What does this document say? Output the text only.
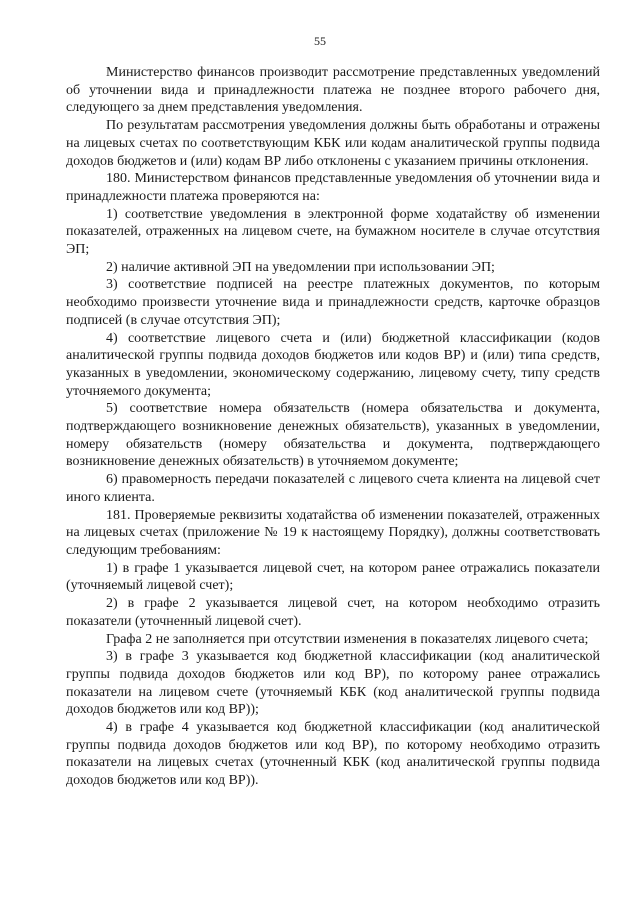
55

Министерство финансов производит рассмотрение представленных уведомлений об уточнении вида и принадлежности платежа не позднее второго рабочего дня, следующего за днем представления уведомления.

По результатам рассмотрения уведомления должны быть обработаны и отражены на лицевых счетах по соответствующим КБК или кодам аналитической группы подвида доходов бюджетов и (или) кодам ВР либо отклонены с указанием причины отклонения.

180. Министерством финансов представленные уведомления об уточнении вида и принадлежности платежа проверяются на:

1) соответствие уведомления в электронной форме ходатайству об изменении показателей, отраженных на лицевом счете, на бумажном носителе в случае отсутствия ЭП;

2) наличие активной ЭП на уведомлении при использовании ЭП;

3) соответствие подписей на реестре платежных документов, по которым необходимо произвести уточнение вида и принадлежности средств, карточке образцов подписей (в случае отсутствия ЭП);

4) соответствие лицевого счета и (или) бюджетной классификации (кодов аналитической группы подвида доходов бюджетов или кодов ВР) и (или) типа средств, указанных в уведомлении, экономическому содержанию, лицевому счету, типу средств уточняемого документа;

5) соответствие номера обязательств (номера обязательства и документа, подтверждающего возникновение денежных обязательств), указанных в уведомлении, номеру обязательств (номеру обязательства и документа, подтверждающего возникновение денежных обязательств) в уточняемом документе;

6) правомерность передачи показателей с лицевого счета клиента на лицевой счет иного клиента.

181. Проверяемые реквизиты ходатайства об изменении показателей, отраженных на лицевых счетах (приложение № 19 к настоящему Порядку), должны соответствовать следующим требованиям:

1) в графе 1 указывается лицевой счет, на котором ранее отражались показатели (уточняемый лицевой счет);

2) в графе 2 указывается лицевой счет, на котором необходимо отразить показатели (уточненный лицевой счет).

Графа 2 не заполняется при отсутствии изменения в показателях лицевого счета;

3) в графе 3 указывается код бюджетной классификации (код аналитической группы подвида доходов бюджетов или код ВР), по которому ранее отражались показатели на лицевом счете (уточняемый КБК (код аналитической группы подвида доходов бюджетов или код ВР));

4) в графе 4 указывается код бюджетной классификации (код аналитической группы подвида доходов бюджетов или код ВР), по которому необходимо отразить показатели на лицевых счетах (уточненный КБК (код аналитической группы подвида доходов бюджетов или код ВР)).
